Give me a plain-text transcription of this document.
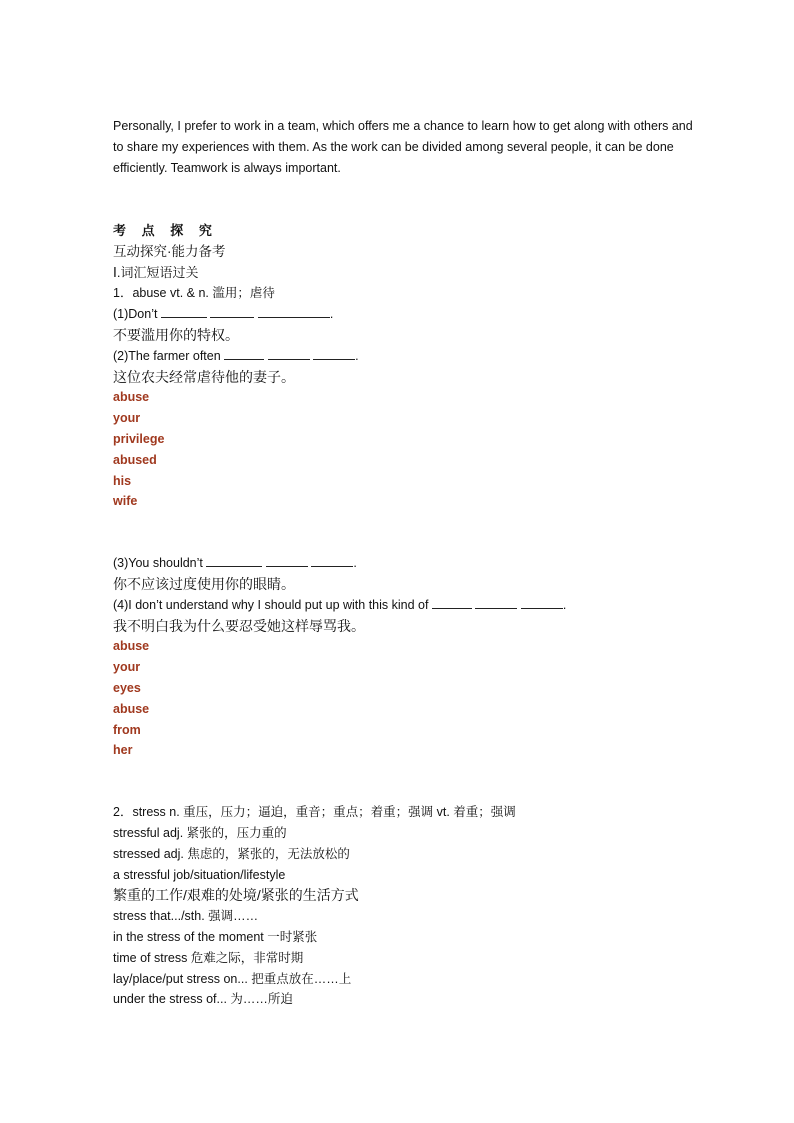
Personally, I prefer to work in a team, which offers me a chance to learn how to get along with others and to share my experiences with them. As the work can be divided among several people, it can be done efficiently. Teamwork is always important.

考 点 探 究

互动探究·能力备考

Ⅰ.词汇短语过关

1．abuse vt. & n. 滥用；虐待

(1)Don’t	.

不要滥用你的特权。

(2)The farmer often	.

这位农夫经常虐待他的妻子。

abuse

your

privilege

abused

his

wife

(3)You shouldn’t	.

你不应该过度使用你的眼睛。

(4)I don’t understand why I should put up with this kind of	.

我不明白我为什么要忍受她这样辱骂我。

abuse

your

eyes

abuse

from

her

2．stress n. 重压，压力；逼迫，重音；重点；着重；强调 vt. 着重；强调

stressful adj. 紧张的，压力重的

stressed adj. 焦虑的，紧张的，无法放松的

a stressful job/situation/lifestyle

繁重的工作/艰难的处境/紧张的生活方式

stress that.../sth. 强调……

in the stress of the moment 一时紧张

time of stress 危难之际，非常时期

lay/place/put stress on... 把重点放在……上

under the stress of... 为……所迫
